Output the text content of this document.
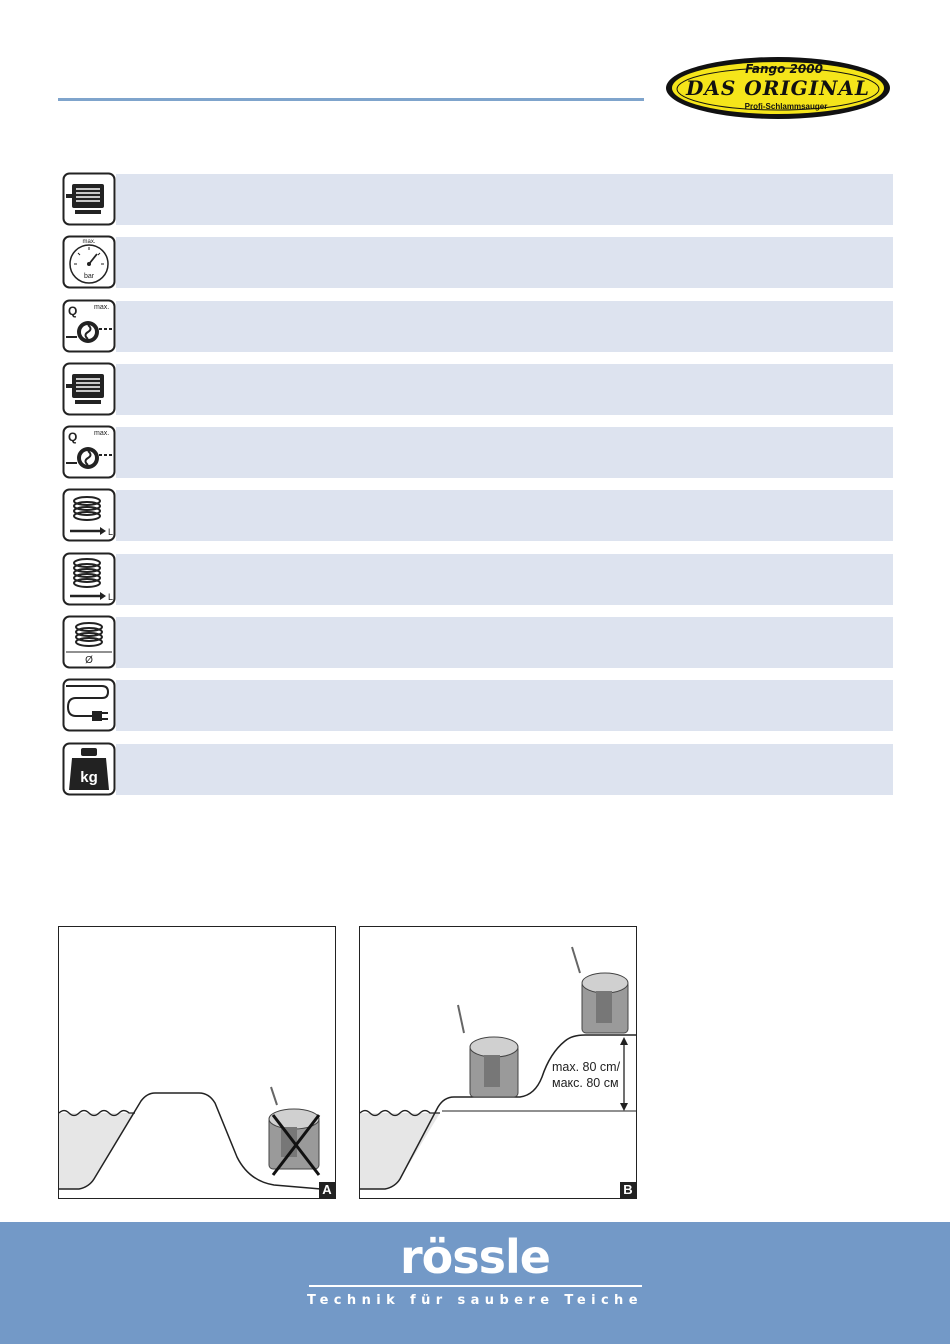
Fango 2000
DAS ORIGINAL
Profi-Schlammsauger
max.
bar
Q max.
Q max.
L
L
Ø
kg
A
max. 80 cm/
макс. 80 см
B
rössle
Technik für saubere Teiche
